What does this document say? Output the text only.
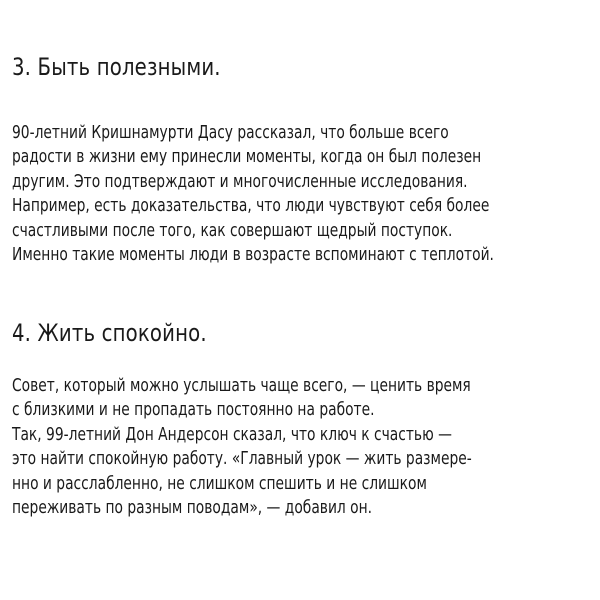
3. Быть полезными.
90-летний Кришнамурти Дасу рассказал, что больше всего
радости в жизни ему принесли моменты, когда он был полезен
другим. Это подтверждают и многочисленные исследования.
Например, есть доказательства, что люди чувствуют себя более
счастливыми после того, как совершают щедрый поступок.
Именно такие моменты люди в возрасте вспоминают с теплотой.
4. Жить спокойно.
Совет, который можно услышать чаще всего, — ценить время
с близкими и не пропадать постоянно на работе.
Так, 99-летний Дон Андерсон сказал, что ключ к счастью —
это найти спокойную работу. «Главный урок — жить размере-
нно и расслабленно, не слишком спешить и не слишком
переживать по разным поводам», — добавил он.
